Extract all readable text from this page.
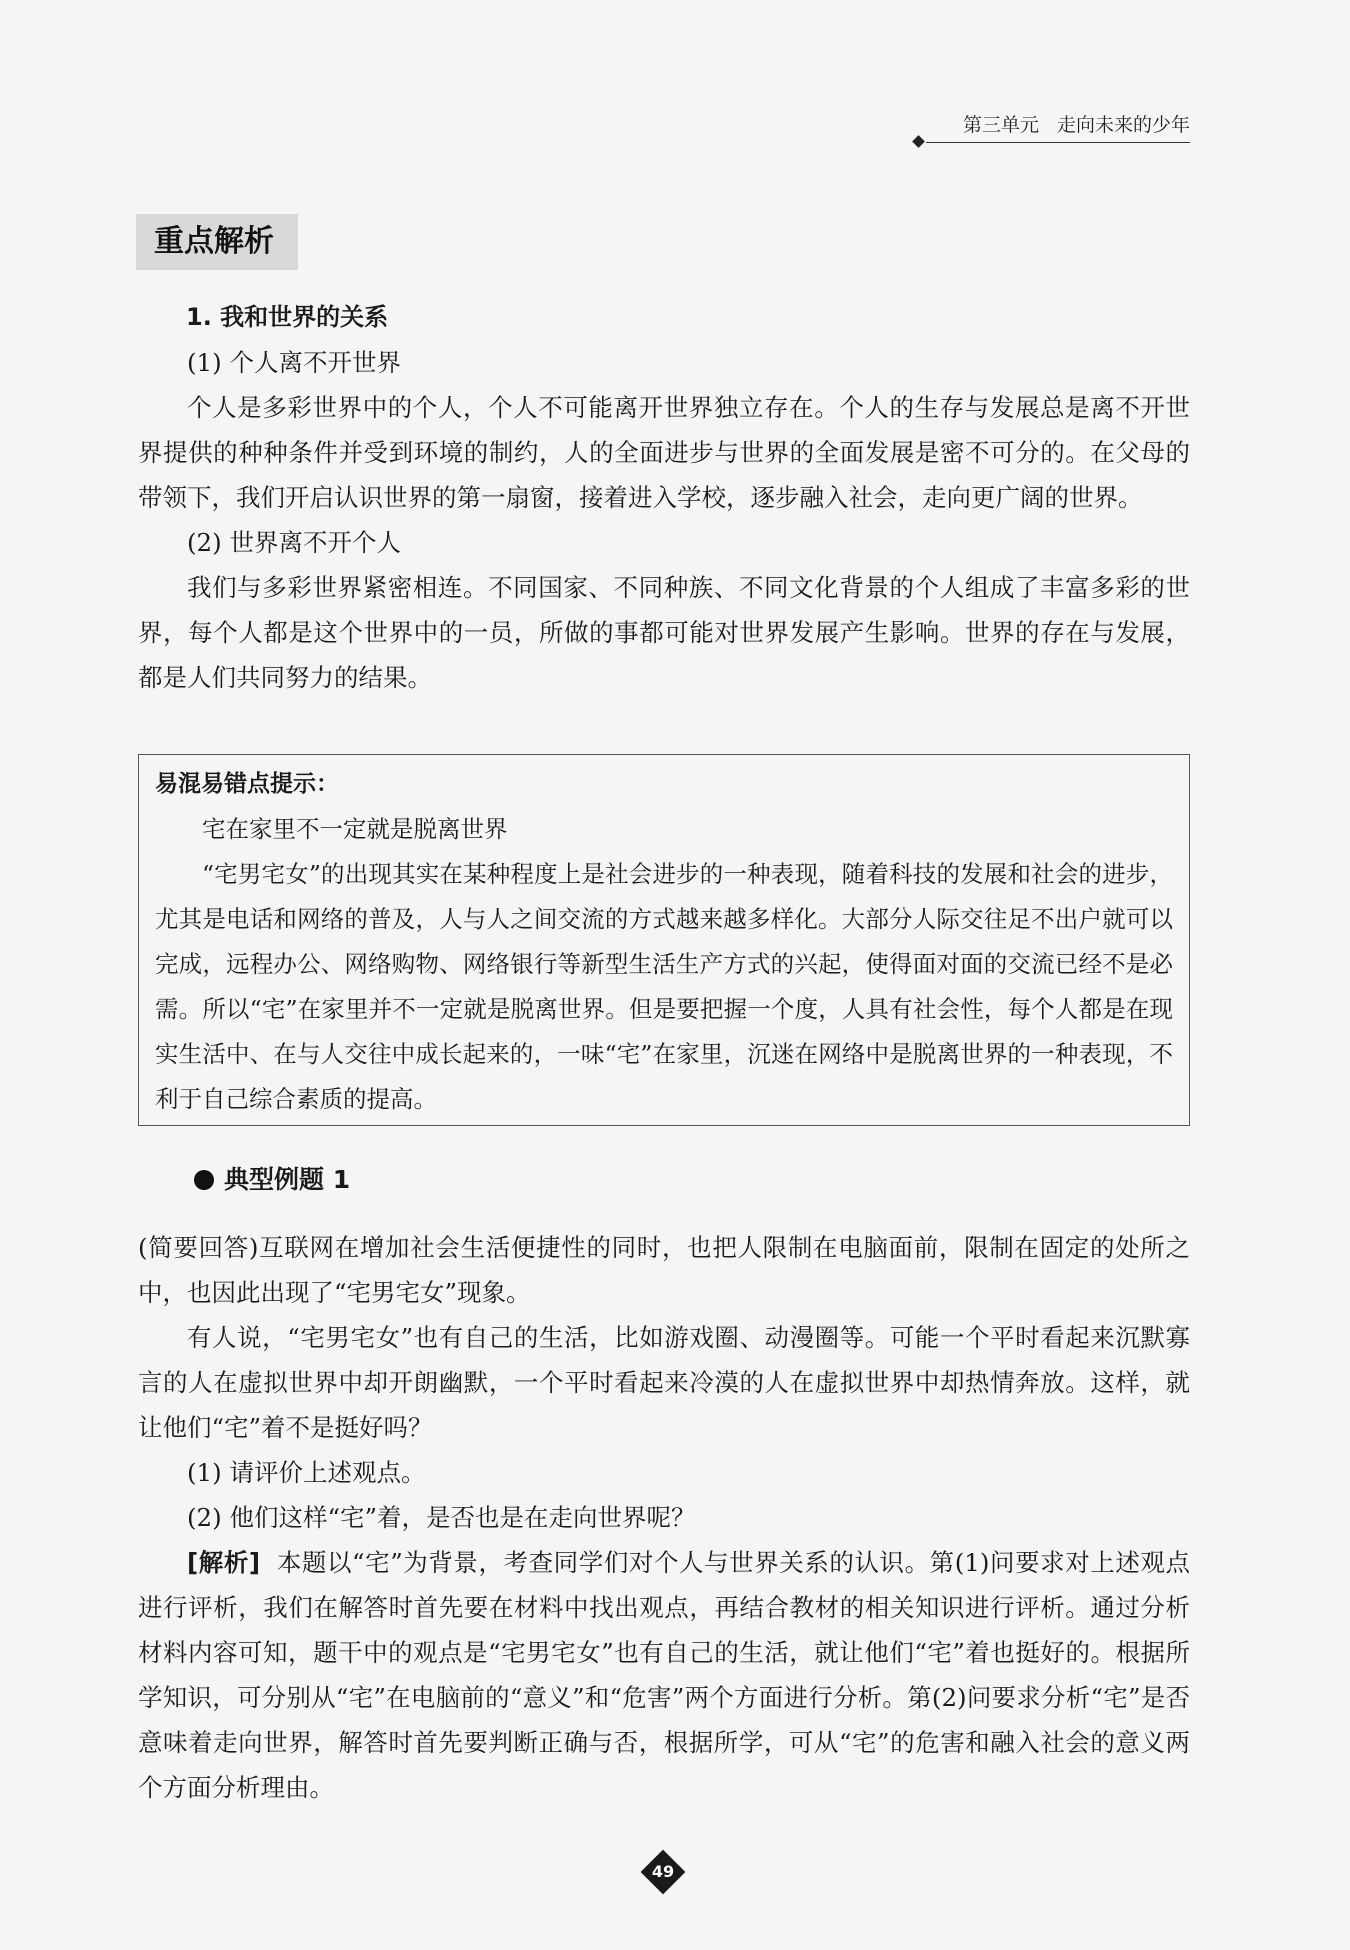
第三单元 走向未来的少年
重点解析

1. 我和世界的关系

(1) 个人离不开世界

个人是多彩世界中的个人，个人不可能离开世界独立存在。个人的生存与发展总是离不开世界提供的种种条件并受到环境的制约，人的全面进步与世界的全面发展是密不可分的。在父母的带领下，我们开启认识世界的第一扇窗，接着进入学校，逐步融入社会，走向更广阔的世界。

(2) 世界离不开个人

我们与多彩世界紧密相连。不同国家、不同种族、不同文化背景的个人组成了丰富多彩的世界，每个人都是这个世界中的一员，所做的事都可能对世界发展产生影响。世界的存在与发展，都是人们共同努力的结果。

易混易错点提示：

宅在家里不一定就是脱离世界

“宅男宅女”的出现其实在某种程度上是社会进步的一种表现，随着科技的发展和社会的进步，尤其是电话和网络的普及，人与人之间交流的方式越来越多样化。大部分人际交往足不出户就可以完成，远程办公、网络购物、网络银行等新型生活生产方式的兴起，使得面对面的交流已经不是必需。所以“宅”在家里并不一定就是脱离世界。但是要把握一个度，人具有社会性，每个人都是在现实生活中、在与人交往中成长起来的，一味“宅”在家里，沉迷在网络中是脱离世界的一种表现，不利于自己综合素质的提高。

典型例题 1

(简要回答)互联网在增加社会生活便捷性的同时，也把人限制在电脑面前，限制在固定的处所之中，也因此出现了“宅男宅女”现象。

有人说，“宅男宅女”也有自己的生活，比如游戏圈、动漫圈等。可能一个平时看起来沉默寡言的人在虚拟世界中却开朗幽默，一个平时看起来冷漠的人在虚拟世界中却热情奔放。这样，就让他们“宅”着不是挺好吗？

(1) 请评价上述观点。

(2) 他们这样“宅”着，是否也是在走向世界呢？

[解析] 本题以“宅”为背景，考查同学们对个人与世界关系的认识。第(1)问要求对上述观点进行评析，我们在解答时首先要在材料中找出观点，再结合教材的相关知识进行评析。通过分析材料内容可知，题干中的观点是“宅男宅女”也有自己的生活，就让他们“宅”着也挺好的。根据所学知识，可分别从“宅”在电脑前的“意义”和“危害”两个方面进行分析。第(2)问要求分析“宅”是否意味着走向世界，解答时首先要判断正确与否，根据所学，可从“宅”的危害和融入社会的意义两个方面分析理由。

49
